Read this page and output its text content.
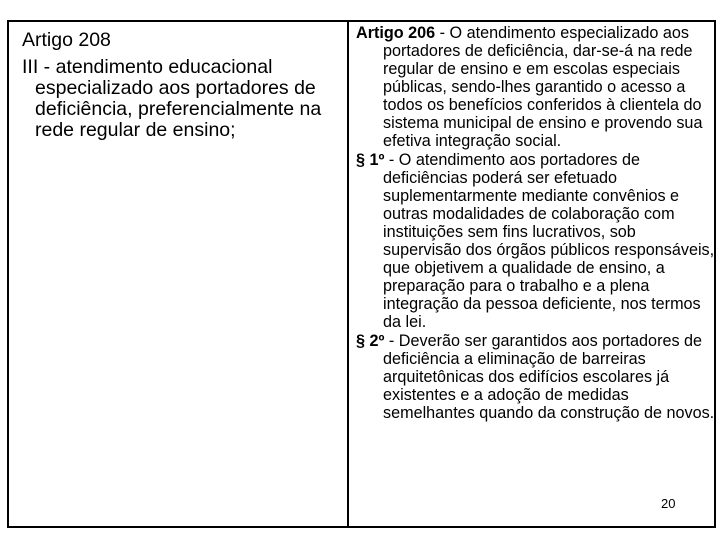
Artigo 208
III - atendimento educacional especializado aos portadores de deficiência, preferencialmente na rede regular de ensino;
Artigo 206 - O atendimento especializado aos portadores de deficiência, dar-se-á na rede regular de ensino e em escolas especiais públicas, sendo-lhes garantido o acesso a todos os benefícios conferidos à clientela do sistema municipal de ensino e provendo sua efetiva integração social.
§ 1º - O atendimento aos portadores de deficiências poderá ser efetuado suplementarmente mediante convênios e outras modalidades de colaboração com instituições sem fins lucrativos, sob supervisão dos órgãos públicos responsáveis, que objetivem a qualidade de ensino, a preparação para o trabalho e a plena integração da pessoa deficiente, nos termos da lei.
§ 2º - Deverão ser garantidos aos portadores de deficiência a eliminação de barreiras arquitetônicas dos edifícios escolares já existentes e a adoção de medidas semelhantes quando da construção de novos.
20
